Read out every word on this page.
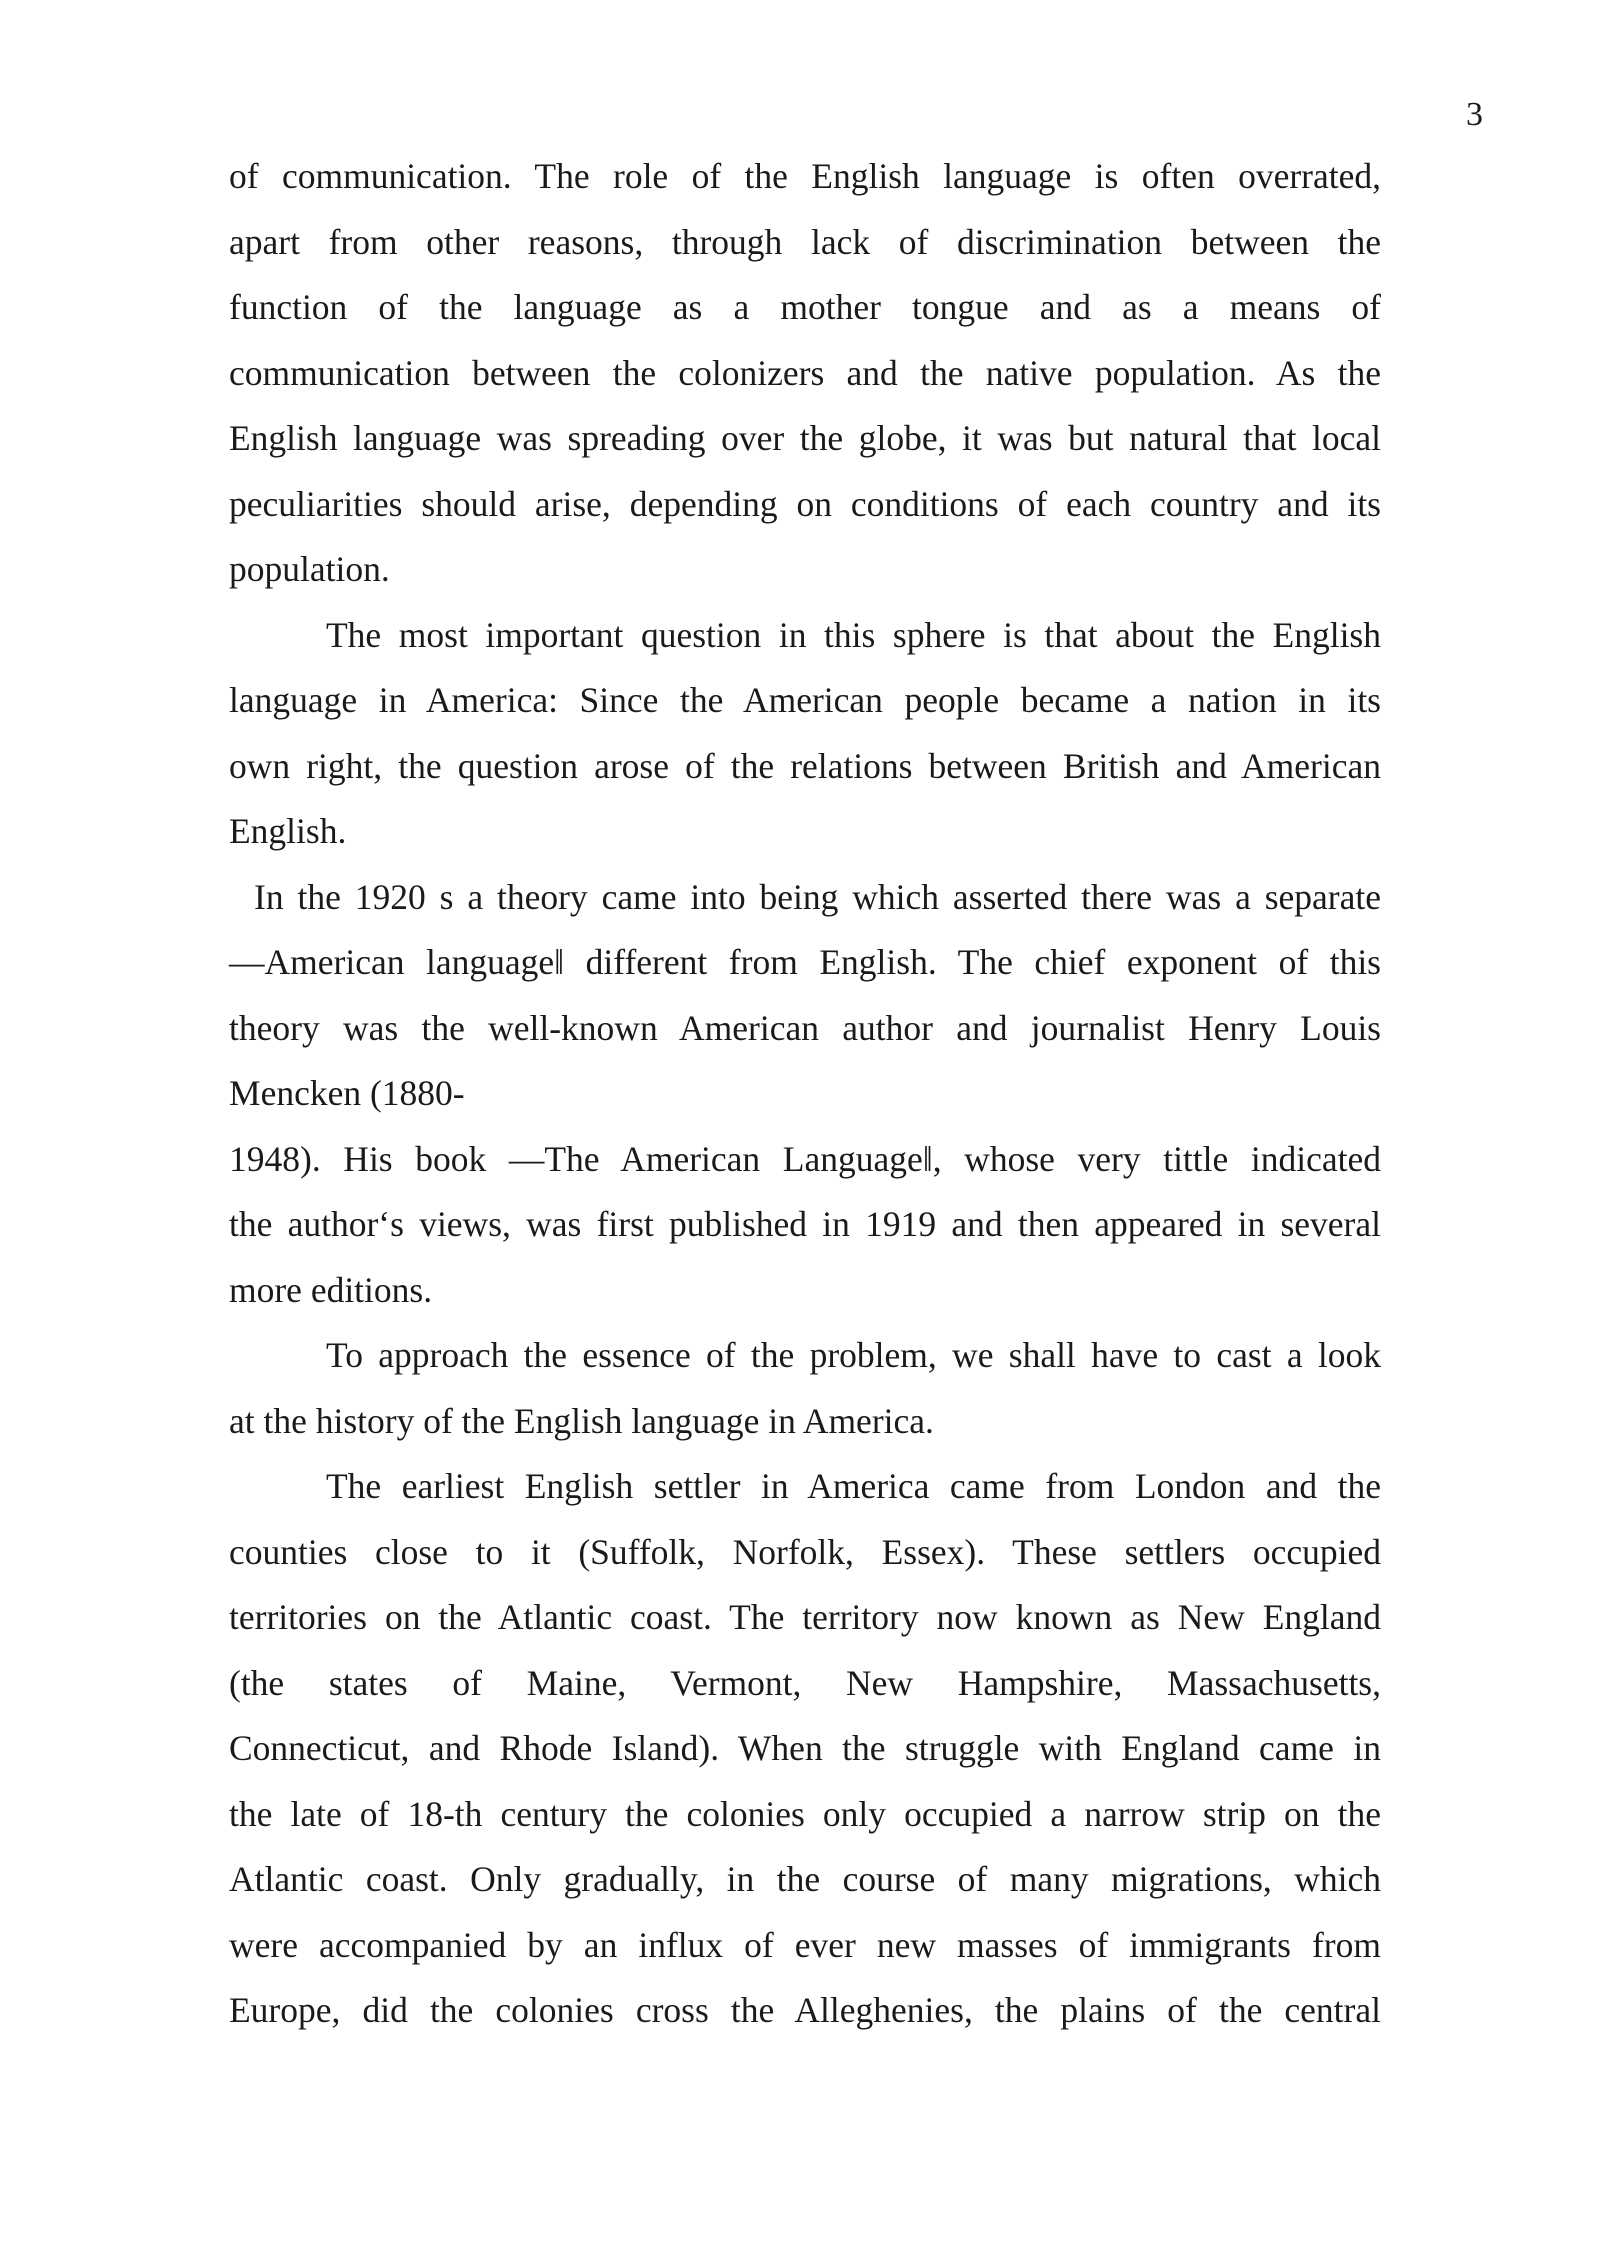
3

of communication. The role of the English language is often overrated,
apart from other reasons, through lack of discrimination between the
function of the language as a mother tongue and as a means of
communication between the colonizers and the native population. As the
English language was spreading over the globe, it was but natural that local
peculiarities should arise, depending on conditions of each country and its
population.

The most important question in this sphere is that about the English
language in America: Since the American people became a nation in its
own right, the question arose of the relations between British and American
English.

In the 1920 s a theory came into being which asserted there was a separate
—American language‖ different from English. The chief exponent of this
theory was the well-known American author and journalist Henry Louis
Mencken (1880-

1948). His book —The American Language‖, whose very tittle indicated
the author‘s views, was first published in 1919 and then appeared in several
more editions.

To approach the essence of the problem, we shall have to cast a look
at the history of the English language in America.

The earliest English settler in America came from London and the
counties close to it (Suffolk, Norfolk, Essex). These settlers occupied
territories on the Atlantic coast. The territory now known as New England
(the states of Maine, Vermont, New Hampshire, Massachusetts,
Connecticut, and Rhode Island). When the struggle with England came in
the late of 18-th century the colonies only occupied a narrow strip on the
Atlantic coast. Only gradually, in the course of many migrations, which
were accompanied by an influx of ever new masses of immigrants from
Europe, did the colonies cross the Alleghenies, the plains of the central
